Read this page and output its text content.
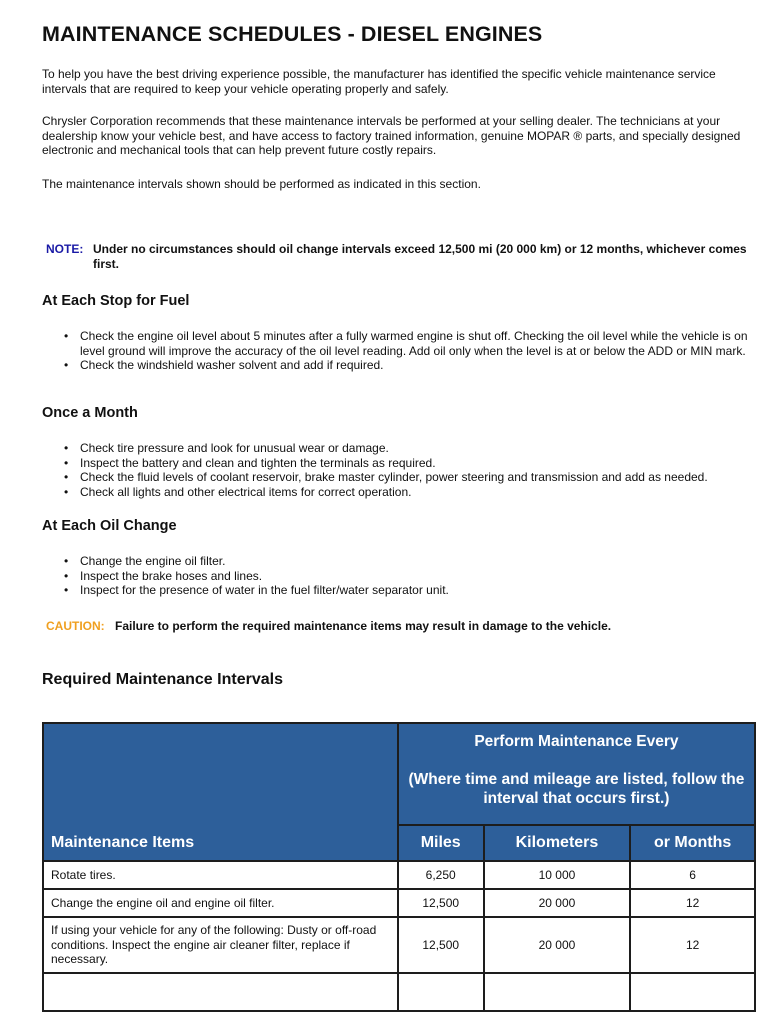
MAINTENANCE SCHEDULES - DIESEL ENGINES

To help you have the best driving experience possible, the manufacturer has identified the specific vehicle maintenance service intervals that are required to keep your vehicle operating properly and safely.

Chrysler Corporation recommends that these maintenance intervals be performed at your selling dealer. The technicians at your dealership know your vehicle best, and have access to factory trained information, genuine MOPAR ® parts, and specially designed electronic and mechanical tools that can help prevent future costly repairs.

The maintenance intervals shown should be performed as indicated in this section.

NOTE: Under no circumstances should oil change intervals exceed 12,500 mi (20 000 km) or 12 months, whichever comes first.
At Each Stop for Fuel
• Check the engine oil level about 5 minutes after a fully warmed engine is shut off. Checking the oil level while the vehicle is on level ground will improve the accuracy of the oil level reading. Add oil only when the level is at or below the ADD or MIN mark.
• Check the windshield washer solvent and add if required.
Once a Month
• Check tire pressure and look for unusual wear or damage.
• Inspect the battery and clean and tighten the terminals as required.
• Check the fluid levels of coolant reservoir, brake master cylinder, power steering and transmission and add as needed.
• Check all lights and other electrical items for correct operation.
At Each Oil Change
• Change the engine oil filter.
• Inspect the brake hoses and lines.
• Inspect for the presence of water in the fuel filter/water separator unit.
CAUTION: Failure to perform the required maintenance items may result in damage to the vehicle.
Required Maintenance Intervals
Maintenance Items	Perform Maintenance Every
(Where time and mileage are listed, follow the interval that occurs first.)		

	Miles	Kilometers	or Months
Rotate tires.	6,250	10 000	6
Change the engine oil and engine oil filter.	12,500	20 000	12
If using your vehicle for any of the following: Dusty or off-road conditions. Inspect the engine air cleaner filter, replace if necessary.	12,500	20 000	12
